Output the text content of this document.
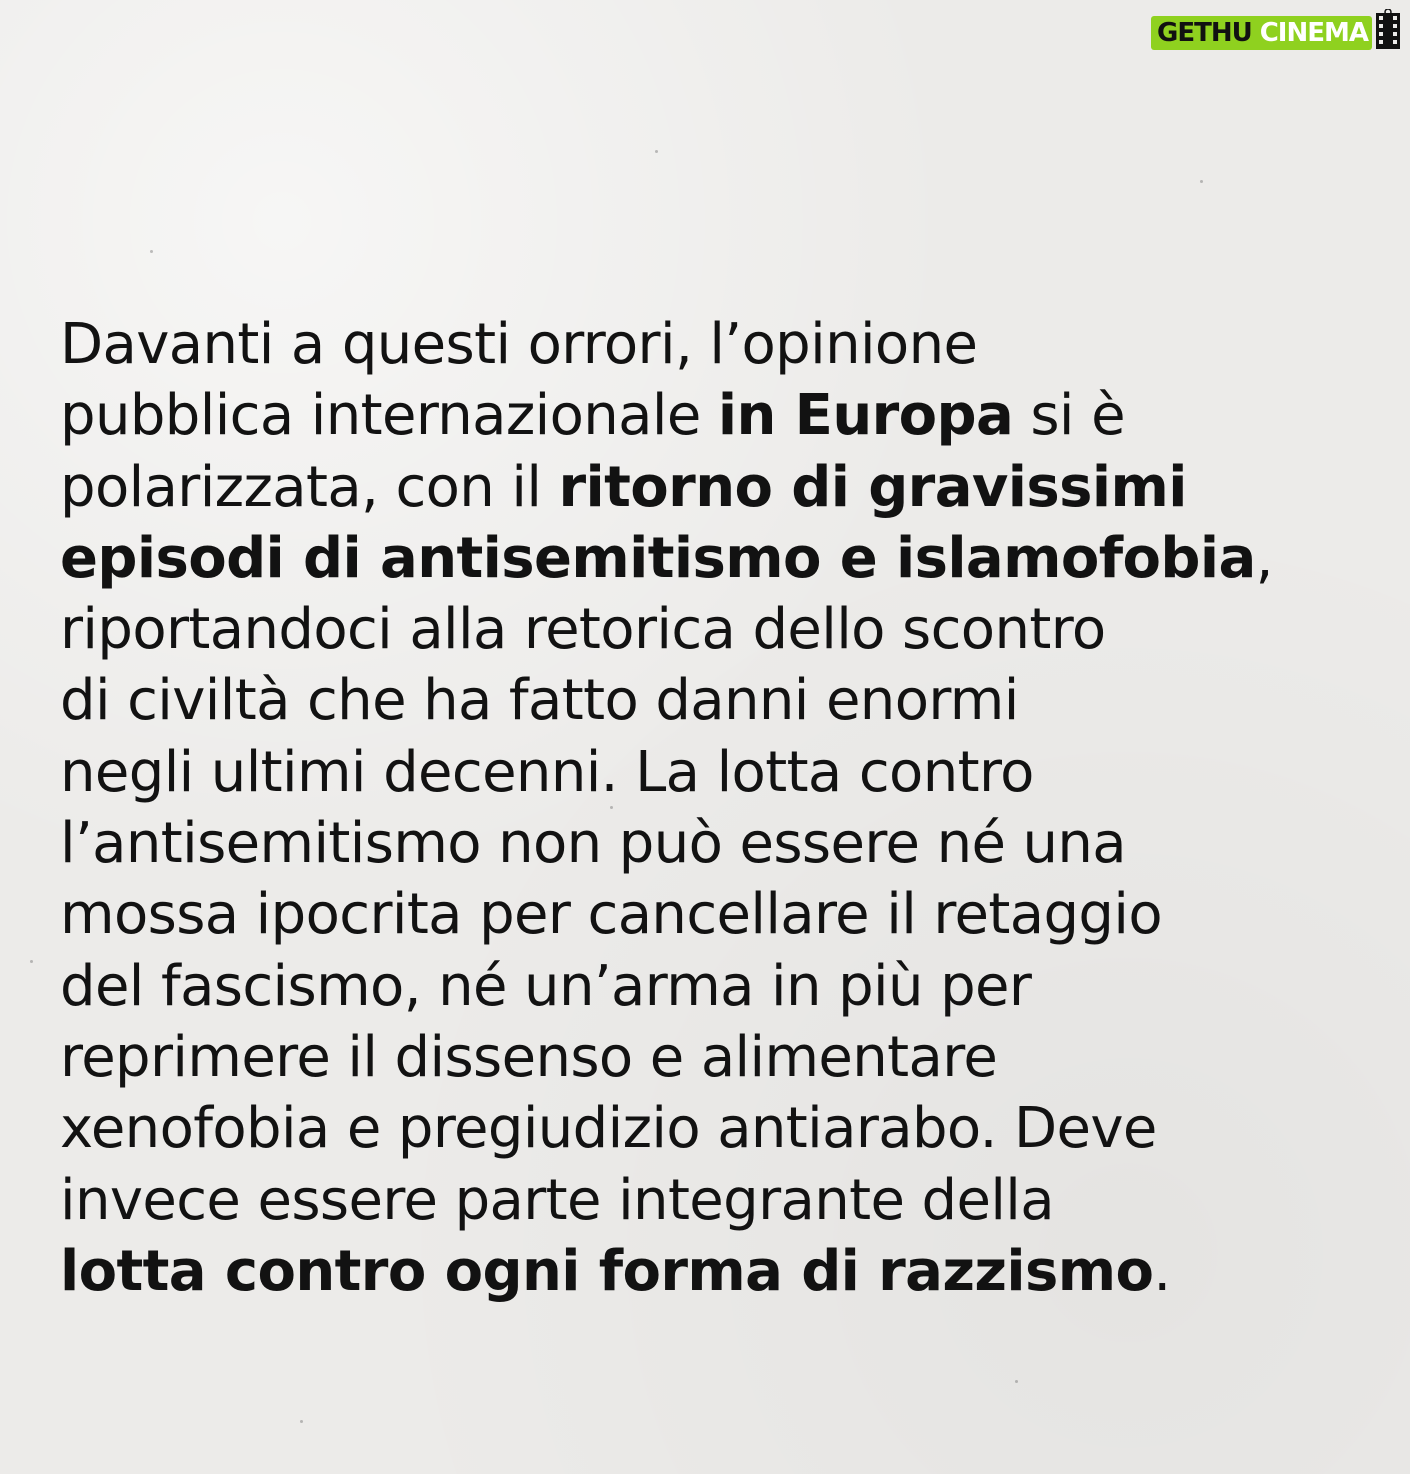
GETHU CINEMA

Davanti a questi orrori, l’opinione
pubblica internazionale in Europa si è
polarizzata, con il ritorno di gravissimi
episodi di antisemitismo e islamofobia,
riportandoci alla retorica dello scontro
di civiltà che ha fatto danni enormi
negli ultimi decenni. La lotta contro
l’antisemitismo non può essere né una
mossa ipocrita per cancellare il retaggio
del fascismo, né un’arma in più per
reprimere il dissenso e alimentare
xenofobia e pregiudizio antiarabo. Deve
invece essere parte integrante della
lotta contro ogni forma di razzismo.
